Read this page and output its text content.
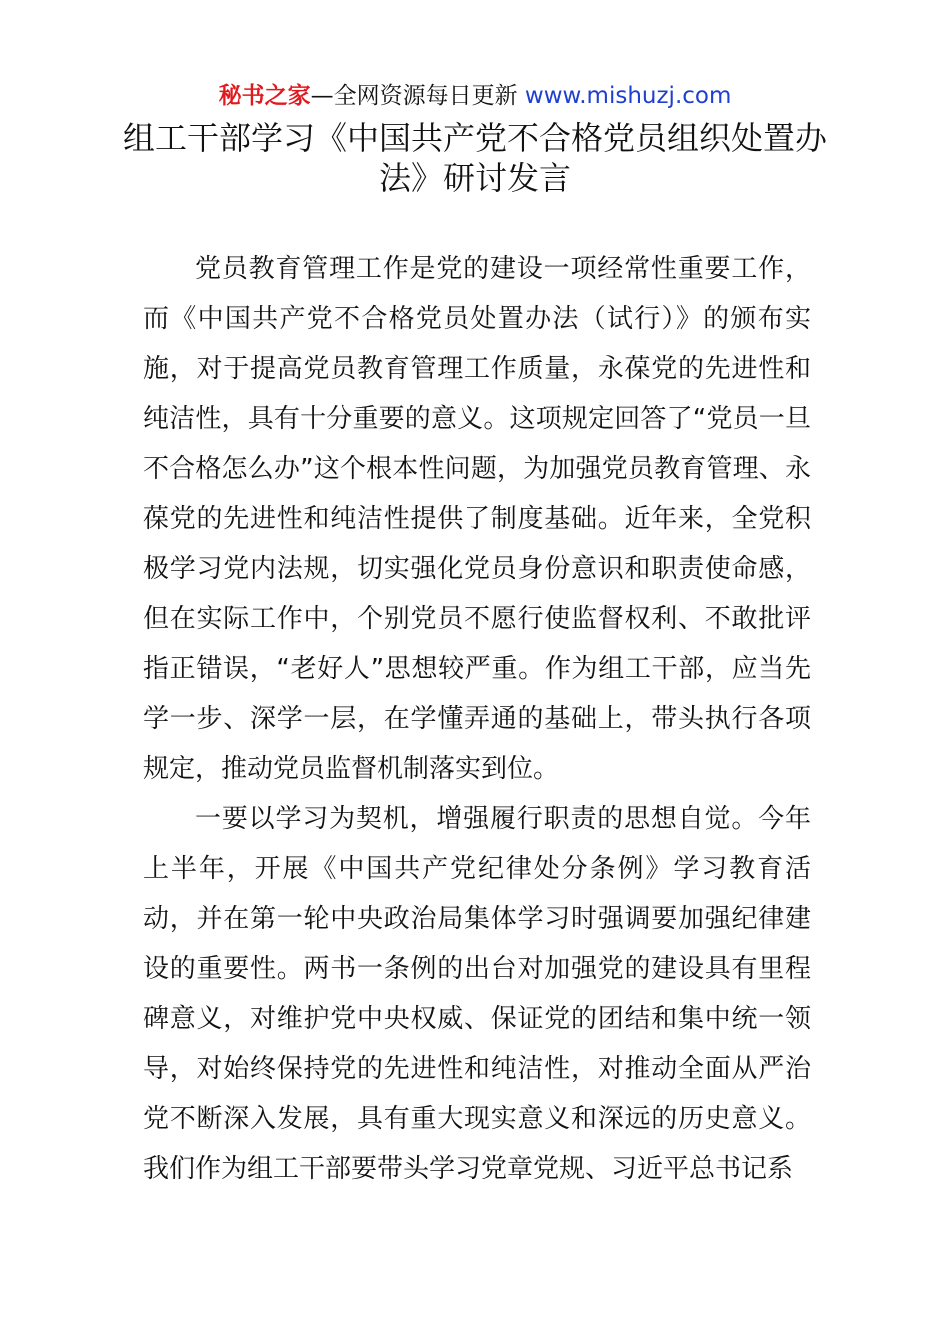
秘书之家—全网资源每日更新 www.mishuzj.com
组工干部学习《中国共产党不合格党员组织处置办法》研讨发言

党员教育管理工作是党的建设一项经常性重要工作，而《中国共产党不合格党员处置办法（试行）》的颁布实施，对于提高党员教育管理工作质量，永葆党的先进性和纯洁性，具有十分重要的意义。这项规定回答了“党员一旦不合格怎么办”这个根本性问题，为加强党员教育管理、永葆党的先进性和纯洁性提供了制度基础。近年来，全党积极学习党内法规，切实强化党员身份意识和职责使命感，但在实际工作中，个别党员不愿行使监督权利、不敢批评指正错误，“老好人”思想较严重。作为组工干部，应当先学一步、深学一层，在学懂弄通的基础上，带头执行各项规定，推动党员监督机制落实到位。

一要以学习为契机，增强履行职责的思想自觉。今年上半年，开展《中国共产党纪律处分条例》学习教育活动，并在第一轮中央政治局集体学习时强调要加强纪律建设的重要性。两书一条例的出台对加强党的建设具有里程碑意义，对维护党中央权威、保证党的团结和集中统一领导，对始终保持党的先进性和纯洁性，对推动全面从严治党不断深入发展，具有重大现实意义和深远的历史意义。我们作为组工干部要带头学习党章党规、习近平总书记系
